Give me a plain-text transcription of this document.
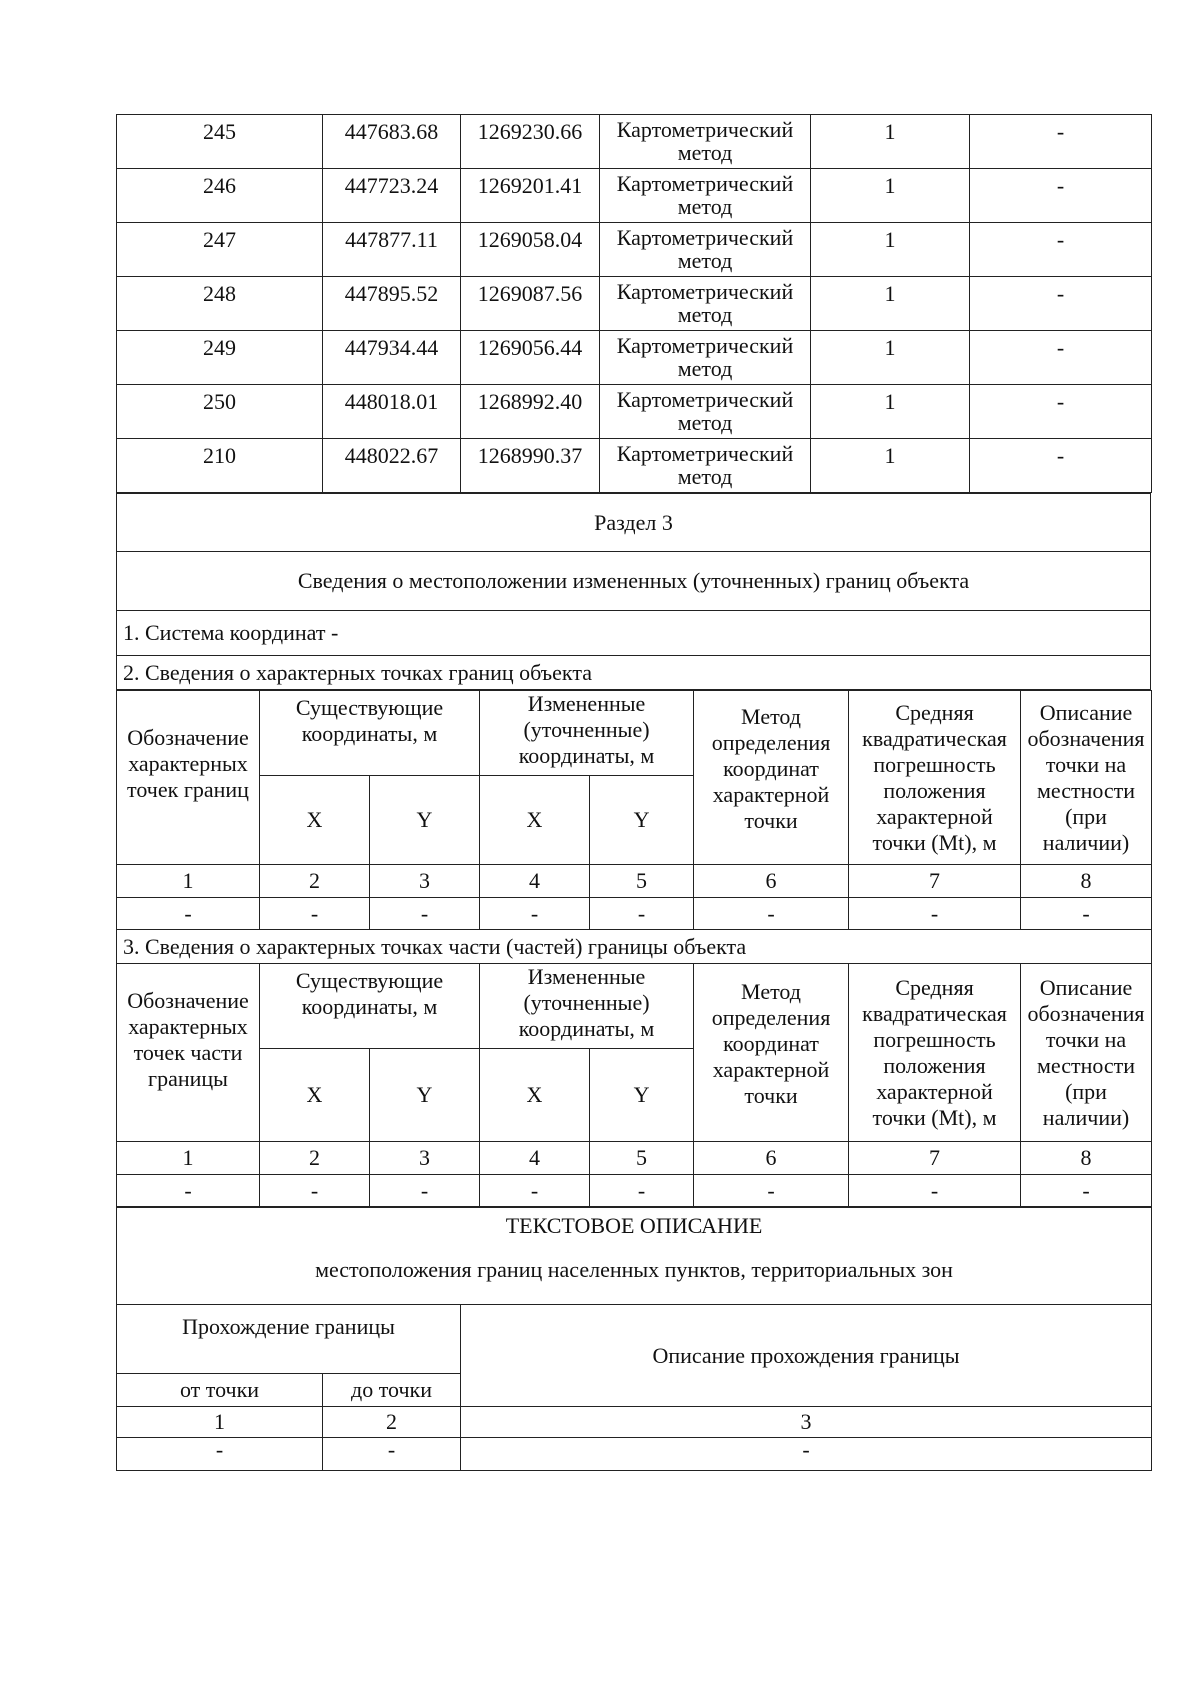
245	447683.68	1269230.66	Картометрический метод	1	-
246	447723.24	1269201.41	Картометрический метод	1	-
247	447877.11	1269058.04	Картометрический метод	1	-
248	447895.52	1269087.56	Картометрический метод	1	-
249	447934.44	1269056.44	Картометрический метод	1	-
250	448018.01	1268992.40	Картометрический метод	1	-
210	448022.67	1268990.37	Картометрический метод	1	-
Раздел 3
Сведения о местоположении измененных (уточненных) границ объекта
1. Система координат -
2. Сведения о характерных точках границ объекта
Обозначение характерных точек границ	Существующие координаты, м		Измененные (уточненные) координаты, м		Метод определения координат характерной точки	Средняя квадратическая погрешность положения характерной точки (Mt), м	Описание обозначения точки на местности (при наличии)
	X	Y	X	Y			
1	2	3	4	5	6	7	8
-	-	-	-	-	-	-	-
3. Сведения о характерных точках части (частей) границы объекта							
Обозначение характерных точек части границы	Существующие координаты, м		Измененные (уточненные) координаты, м		Метод определения координат характерной точки	Средняя квадратическая погрешность положения характерной точки (Mt), м	Описание обозначения точки на местности (при наличии)
	X	Y	X	Y			
1	2	3	4	5	6	7	8
-	-	-	-	-	-	-	-
ТЕКСТОВОЕ ОПИСАНИЕ
местоположения границ населенных пунктов, территориальных зон		

Прохождение границы		Описание прохождения границы
от точки	до точки	
1	2	3
-	-	-
